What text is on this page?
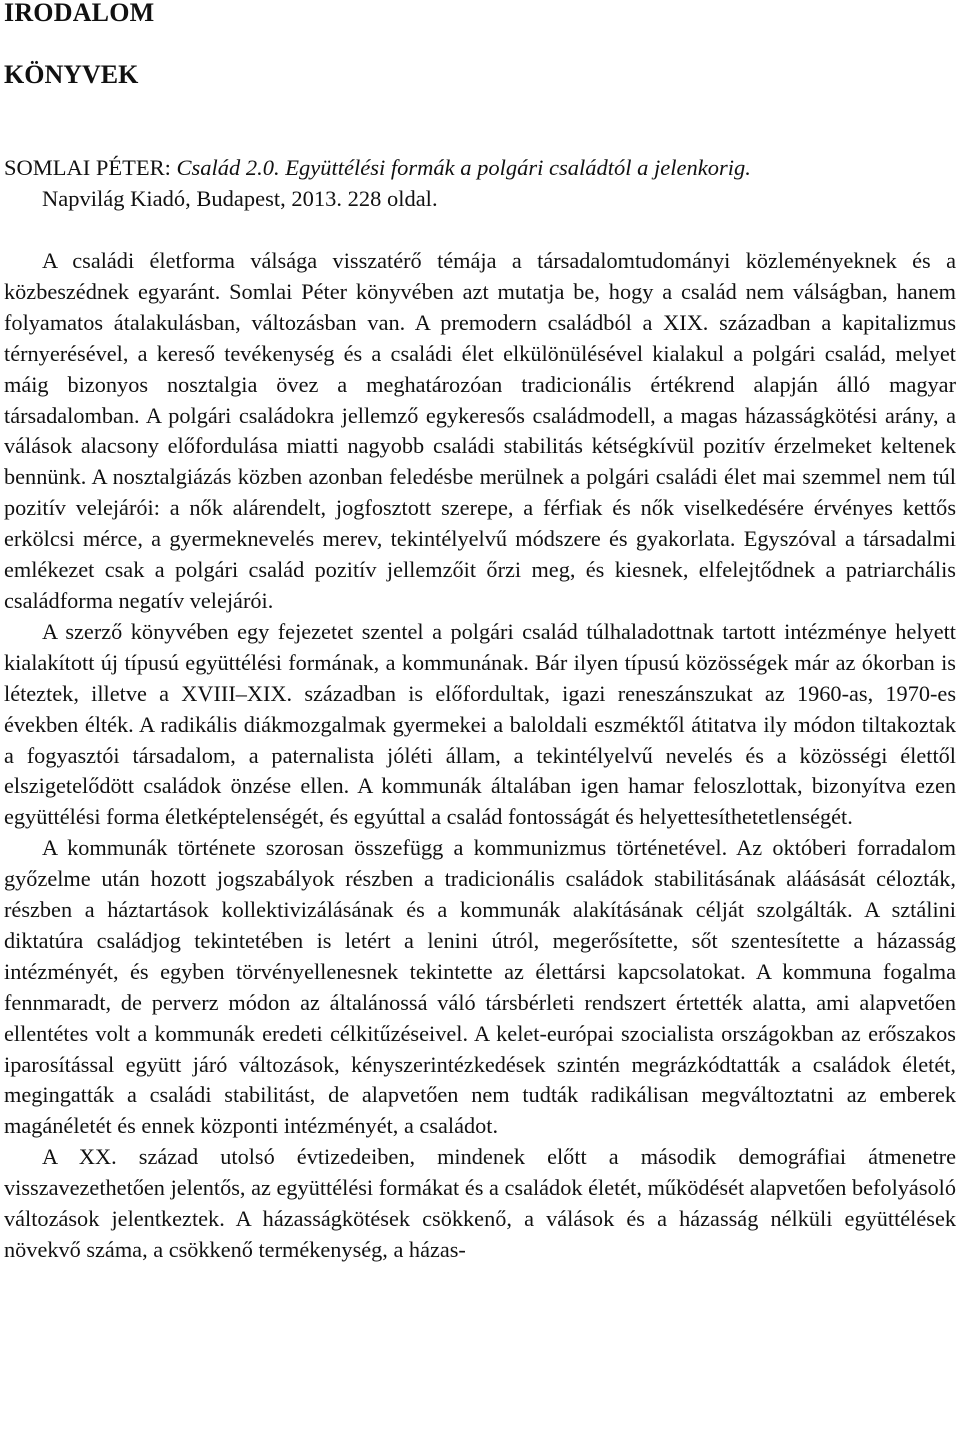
IRODALOM
KÖNYVEK
SOMLAI PÉTER: Család 2.0. Együttélési formák a polgári családtól a jelenkorig.
Napvilág Kiadó, Budapest, 2013. 228 oldal.

A családi életforma válsága visszatérő témája a társadalomtudományi közleményeknek és a közbeszédnek egyaránt. Somlai Péter könyvében azt mutatja be, hogy a család nem válságban, hanem folyamatos átalakulásban, változásban van. A premodern családból a XIX. században a kapitalizmus térnyerésével, a kereső tevékenység és a családi élet elkülönülésével kialakul a polgári család, melyet máig bizonyos nosztalgia övez a meghatározóan tradicionális értékrend alapján álló magyar társadalomban. A polgári családokra jellemző egykeresős családmodell, a magas házasságkötési arány, a válások alacsony előfordulása miatti nagyobb családi stabilitás kétségkívül pozitív érzelmeket keltenek bennünk. A nosztalgiázás közben azonban feledésbe merülnek a polgári családi élet mai szemmel nem túl pozitív velejárói: a nők alárendelt, jogfosztott szerepe, a férfiak és nők viselkedésére érvényes kettős erkölcsi mérce, a gyermeknevelés merev, tekintélyelvű módszere és gyakorlata. Egyszóval a társadalmi emlékezet csak a polgári család pozitív jellemzőit őrzi meg, és kiesnek, elfelejtődnek a patriarchális családforma negatív velejárói.

A szerző könyvében egy fejezetet szentel a polgári család túlhaladottnak tartott intézménye helyett kialakított új típusú együttélési formának, a kommunának. Bár ilyen típusú közösségek már az ókorban is léteztek, illetve a XVIII–XIX. században is előfordultak, igazi reneszánszukat az 1960-as, 1970-es években élték. A radikális diákmozgalmak gyermekei a baloldali eszméktől átitatva ily módon tiltakoztak a fogyasztói társadalom, a paternalista jóléti állam, a tekintélyelvű nevelés és a közösségi élettől elszigetelődött családok önzése ellen. A kommunák általában igen hamar feloszlottak, bizonyítva ezen együttélési forma életképtelenségét, és egyúttal a család fontosságát és helyettesíthetetlenségét.

A kommunák története szorosan összefügg a kommunizmus történetével. Az októberi forradalom győzelme után hozott jogszabályok részben a tradicionális családok stabilitásának aláásását célozták, részben a háztartások kollektivizálásának és a kommunák alakításának célját szolgálták. A sztálini diktatúra családjog tekintetében is letért a lenini útról, megerősítette, sőt szentesítette a házasság intézményét, és egyben törvényellenesnek tekintette az élettársi kapcsolatokat. A kommuna fogalma fennmaradt, de perverz módon az általánossá váló társbérleti rendszert értették alatta, ami alapvetően ellentétes volt a kommunák eredeti célkitűzéseivel. A kelet-európai szocialista országokban az erőszakos iparosítással együtt járó változások, kényszerintézkedések szintén megrázkódtatták a családok életét, megingatták a családi stabilitást, de alapvetően nem tudták radikálisan megváltoztatni az emberek magánéletét és ennek központi intézményét, a családot.

A XX. század utolsó évtizedeiben, mindenek előtt a második demográfiai átmenetre visszavezethetően jelentős, az együttélési formákat és a családok életét, működését alapvetően befolyásoló változások jelentkeztek. A házasságkötések csökkenő, a válások és a házasság nélküli együttélések növekvő száma, a csökkenő termékenység, a házas-
